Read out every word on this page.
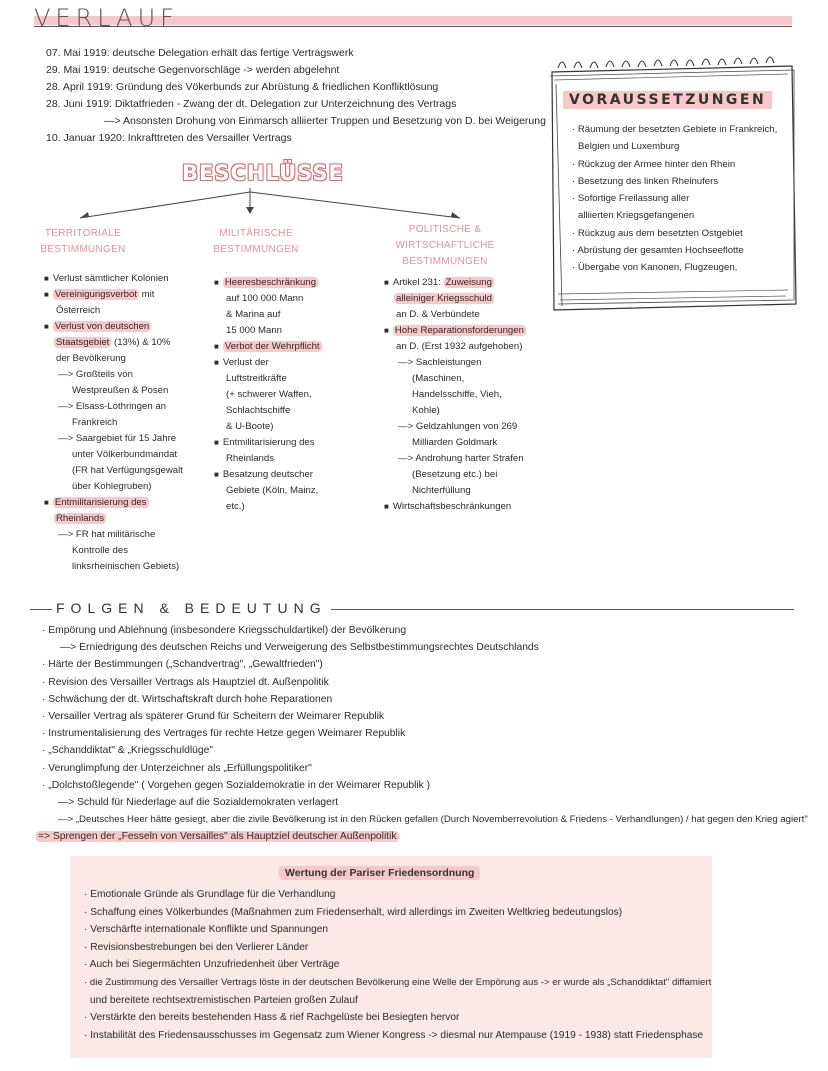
VERLAUF
07. Mai 1919: deutsche Delegation erhält das fertige Vertragswerk
29. Mai 1919: deutsche Gegenvorschläge -> werden abgelehnt
28. April 1919: Gründung des Vökerbunds zur Abrüstung & friedlichen Konfliktlösung
28. Juni 1919: Diktatfrieden - Zwang der dt. Delegation zur Unterzeichnung des Vertrags
—> Ansonsten Drohung von Einmarsch alliierter Truppen und Besetzung von D. bei Weigerung
10. Januar 1920: Inkrafttreten des Versailler Vertrags
BESCHLÜSSE
TERRITORIALE
BESTIMMUNGEN
■ Verlust sämtlicher Kolonien
■ Vereinigungsverbot mit
Österreich
■ Verlust von deutschen
Staatsgebiet (13%) & 10%
der Bevölkerung
—> Großteils von
Westpreußen & Posen
—> Elsass-Lothringen an
Frankreich
—> Saargebiet für 15 Jahre
unter Völkerbundmandat
(FR hat Verfügungsgewalt
über Kohlegruben)
■ Entmilitarisierung des
Rheinlands
—> FR hat militärische
Kontrolle des
linksrheinischen Gebiets)
MILITÄRISCHE
BESTIMMUNGEN
■ Heeresbeschränkung
auf 100 000 Mann
& Marina auf
15 000 Mann
■ Verbot der Wehrpflicht
■ Verlust der
Luftstreitkräfte
(+ schwerer Waffen,
Schlachtschiffe
& U-Boote)
■ Entmilitarisierung des
Rheinlands
■ Besatzung deutscher
Gebiete (Köln, Mainz,
etc.)
POLITISCHE &
WIRTSCHAFTLICHE
BESTIMMUNGEN
■ Artikel 231: Zuweisung
alleiniger Kriegsschuld
an D. & Verbündete
■ Hohe Reparationsforderungen
an D. (Erst 1932 aufgehoben)
—> Sachleistungen
(Maschinen,
Handelsschiffe, Vieh,
Kohle)
—> Geldzahlungen von 269
Milliarden Goldmark
—> Androhung harter Strafen
(Besetzung etc.) bei
Nichterfüllung
■ Wirtschaftsbeschränkungen
VORAUSSETZUNGEN
· Räumung der besetzten Gebiete in Frankreich,
Belgien und Luxemburg
· Rückzug der Armee hinter den Rhein
· Besetzung des linken Rheinufers
· Sofortige Freilassung aller
alliierten Kriegsgefangenen
· Rückzug aus dem besetzten Ostgebiet
· Abrüstung der gesamten Hochseeflotte
· Übergabe von Kanonen, Flugzeugen,
FOLGEN & BEDEUTUNG
· Empörung und Ablehnung (insbesondere Kriegsschuldartikel) der Bevölkerung
—> Erniedrigung des deutschen Reichs und Verweigerung des Selbstbestimmungsrechtes Deutschlands
· Härte der Bestimmungen („Schandvertrag", „Gewaltfrieden")
· Revision des Versailler Vertrags als Hauptziel dt. Außenpolitik
· Schwächung der dt. Wirtschaftskraft durch hohe Reparationen
· Versailler Vertrag als späterer Grund für Scheitern der Weimarer Republik
· Instrumentalisierung des Vertrages für rechte Hetze gegen Weimarer Republik
· „Schanddiktat" & „Kriegsschuldlüge"
· Verunglimpfung der Unterzeichner als „Erfüllungspolitiker"
· „Dolchstoßlegende" ( Vorgehen gegen Sozialdemokratie in der Weimarer Republik )
—> Schuld für Niederlage auf die Sozialdemokraten verlagert
—> „Deutsches Heer hätte gesiegt, aber die zivile Bevölkerung ist in den Rücken gefallen (Durch Novemberrevolution & Friedens - Verhandlungen) / hat gegen den Krieg agiert"
=> Sprengen der „Fesseln von Versailles" als Hauptziel deutscher Außenpolitik
Wertung der Pariser Friedensordnung
· Emotionale Gründe als Grundlage für die Verhandlung
· Schaffung eines Völkerbundes (Maßnahmen zum Friedenserhalt, wird allerdings im Zweiten Weltkrieg bedeutungslos)
· Verschärfte internationale Konflikte und Spannungen
· Revisionsbestrebungen bei den Verlierer Länder
· Auch bei Siegermächten Unzufriedenheit über Verträge
· die Zustimmung des Versailler Vertrags löste in der deutschen Bevölkerung eine Welle der Empörung aus -> er wurde als „Schanddiktat" diffamiert
und bereitete rechtsextremistischen Parteien großen Zulauf
· Verstärkte den bereits bestehenden Hass & rief Rachgelüste bei Besiegten hervor
· Instabilität des Friedensausschusses im Gegensatz zum Wiener Kongress -> diesmal nur Atempause (1919 - 1938) statt Friedensphase
